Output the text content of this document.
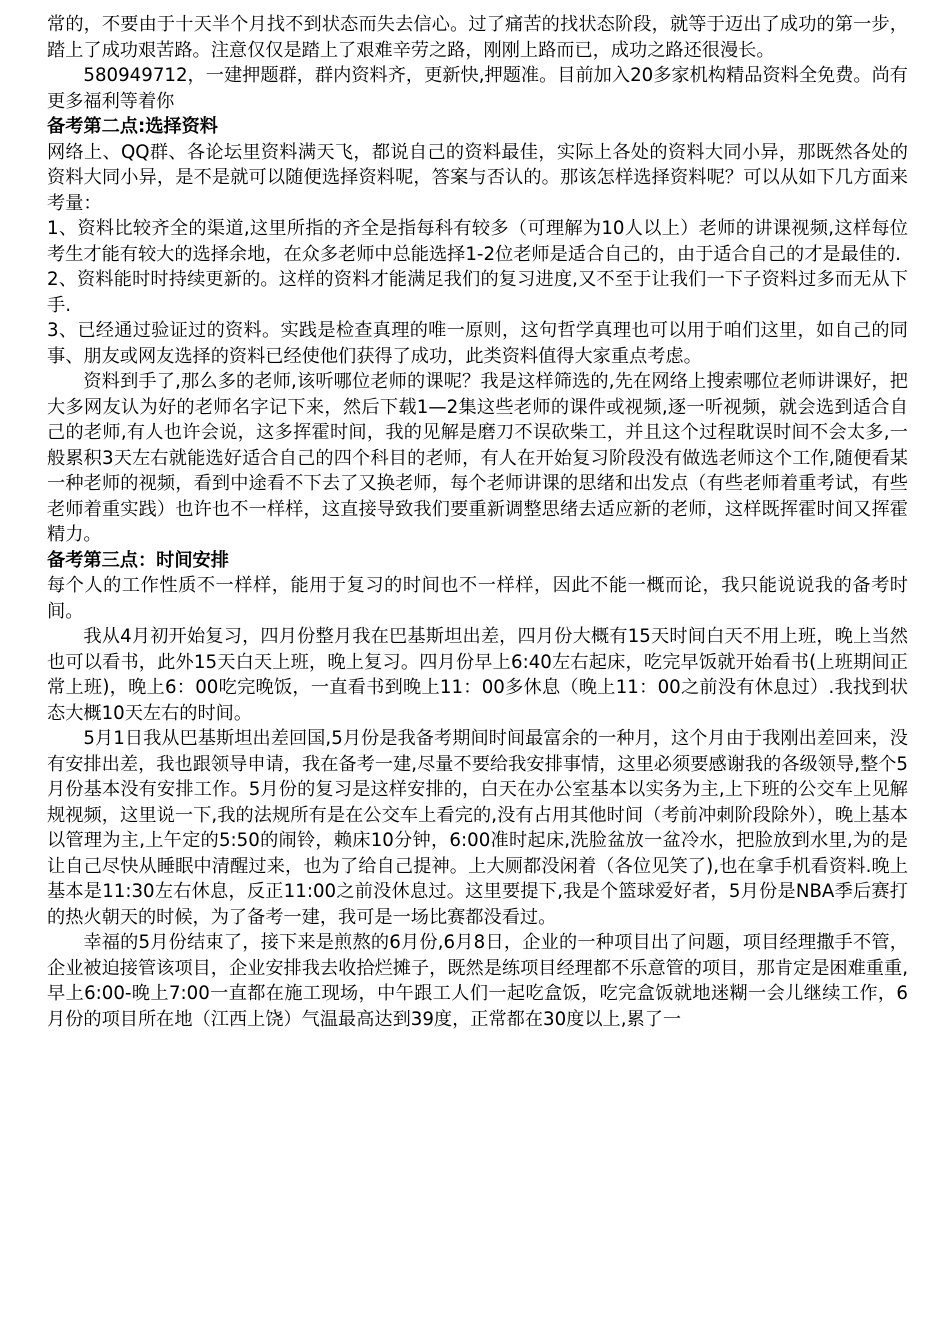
常的，不要由于十天半个月找不到状态而失去信心。过了痛苦的找状态阶段，就等于迈出了成功的第一步，踏上了成功艰苦路。注意仅仅是踏上了艰难辛劳之路，刚刚上路而已，成功之路还很漫长。

580949712，一建押题群，群内资料齐，更新快,押题准。目前加入20多家机构精品资料全免费。尚有更多福利等着你

备考第二点:选择资料

网络上、QQ群、各论坛里资料满天飞，都说自己的资料最佳，实际上各处的资料大同小异，那既然各处的资料大同小异，是不是就可以随便选择资料呢，答案与否认的。那该怎样选择资料呢？可以从如下几方面来考量：

1、资料比较齐全的渠道,这里所指的齐全是指每科有较多（可理解为10人以上）老师的讲课视频,这样每位考生才能有较大的选择余地，在众多老师中总能选择1-2位老师是适合自己的，由于适合自己的才是最佳的.

2、资料能时时持续更新的。这样的资料才能满足我们的复习进度,又不至于让我们一下子资料过多而无从下手.

3、已经通过验证过的资料。实践是检查真理的唯一原则，这句哲学真理也可以用于咱们这里，如自己的同事、朋友或网友选择的资料已经使他们获得了成功，此类资料值得大家重点考虑。

资料到手了,那么多的老师,该听哪位老师的课呢？我是这样筛选的,先在网络上搜索哪位老师讲课好，把大多网友认为好的老师名字记下来，然后下载1—2集这些老师的课件或视频,逐一听视频，就会选到适合自己的老师,有人也许会说，这多挥霍时间，我的见解是磨刀不误砍柴工，并且这个过程耽误时间不会太多,一般累积3天左右就能选好适合自己的四个科目的老师，有人在开始复习阶段没有做选老师这个工作,随便看某一种老师的视频，看到中途看不下去了又换老师，每个老师讲课的思绪和出发点（有些老师着重考试，有些老师着重实践）也许也不一样样，这直接导致我们要重新调整思绪去适应新的老师，这样既挥霍时间又挥霍精力。

备考第三点：时间安排

每个人的工作性质不一样样，能用于复习的时间也不一样样，因此不能一概而论，我只能说说我的备考时间。

我从4月初开始复习，四月份整月我在巴基斯坦出差，四月份大概有15天时间白天不用上班，晚上当然也可以看书，此外15天白天上班，晚上复习。四月份早上6:40左右起床，吃完早饭就开始看书(上班期间正常上班)，晚上6：00吃完晚饭，一直看书到晚上11：00多休息（晚上11：00之前没有休息过）.我找到状态大概10天左右的时间。

5月1日我从巴基斯坦出差回国,5月份是我备考期间时间最富余的一种月，这个月由于我刚出差回来，没有安排出差，我也跟领导申请，我在备考一建,尽量不要给我安排事情，这里必须要感谢我的各级领导,整个5月份基本没有安排工作。5月份的复习是这样安排的，白天在办公室基本以实务为主,上下班的公交车上见解规视频，这里说一下,我的法规所有是在公交车上看完的,没有占用其他时间（考前冲刺阶段除外），晚上基本以管理为主,上午定的5:50的闹铃，赖床10分钟，6:00准时起床,洗脸盆放一盆冷水，把脸放到水里,为的是让自己尽快从睡眠中清醒过来，也为了给自己提神。上大厕都没闲着（各位见笑了),也在拿手机看资料.晚上基本是11:30左右休息，反正11:00之前没休息过。这里要提下,我是个篮球爱好者，5月份是NBA季后赛打的热火朝天的时候，为了备考一建，我可是一场比赛都没看过。

幸福的5月份结束了，接下来是煎熬的6月份,6月8日，企业的一种项目出了问题，项目经理撒手不管，企业被迫接管该项目，企业安排我去收拾烂摊子，既然是练项目经理都不乐意管的项目，那肯定是困难重重,早上6:00-晚上7:00一直都在施工现场，中午跟工人们一起吃盒饭，吃完盒饭就地迷糊一会儿继续工作，6月份的项目所在地（江西上饶）气温最高达到39度，正常都在30度以上,累了一
